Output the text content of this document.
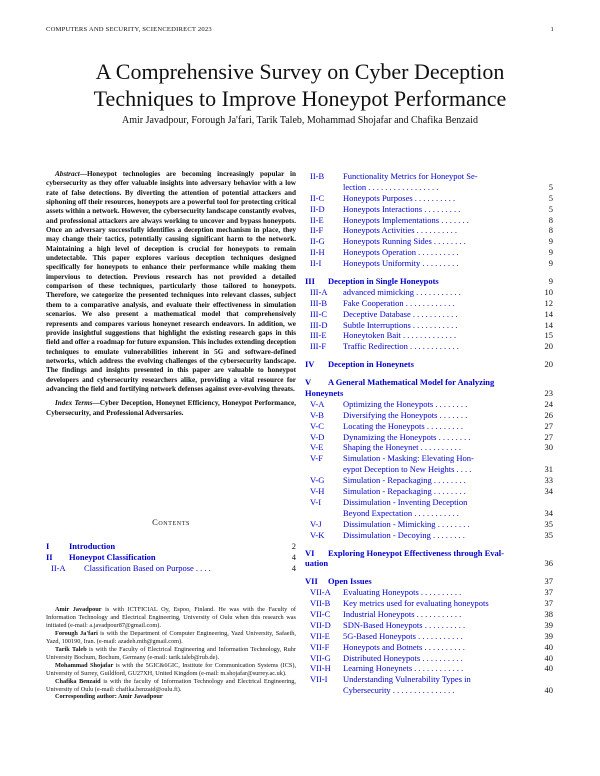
COMPUTERS AND SECURITY, SCIENCEDIRECT 2023	1
A Comprehensive Survey on Cyber Deception
Techniques to Improve Honeypot Performance
Amir Javadpour, Forough Ja'fari, Tarik Taleb, Mohammad Shojafar and Chafika Benzaid

Abstract—Honeypot technologies are becoming increasingly popular in cybersecurity as they offer valuable insights into adversary behavior with a low rate of false detections. By diverting the attention of potential attackers and siphoning off their resources, honeypots are a powerful tool for protecting critical assets within a network. However, the cybersecurity landscape constantly evolves, and professional attackers are always working to uncover and bypass honeypots. Once an adversary successfully identifies a deception mechanism in place, they may change their tactics, potentially causing significant harm to the network. Maintaining a high level of deception is crucial for honeypots to remain undetectable. This paper explores various deception techniques designed specifically for honeypots to enhance their performance while making them impervious to detection. Previous research has not provided a detailed comparison of these techniques, particularly those tailored to honeypots. Therefore, we categorize the presented techniques into relevant classes, subject them to a comparative analysis, and evaluate their effectiveness in simulation scenarios. We also present a mathematical model that comprehensively represents and compares various honeynet research endeavors. In addition, we provide insightful suggestions that highlight the existing research gaps in this field and offer a roadmap for future expansion. This includes extending deception techniques to emulate vulnerabilities inherent in 5G and software-defined networks, which address the evolving challenges of the cybersecurity landscape. The findings and insights presented in this paper are valuable to honeypot developers and cybersecurity researchers alike, providing a vital resource for advancing the field and fortifying network defenses against ever-evolving threats.

Index Terms—Cyber Deception, Honeynet Efficiency, Honeypot Performance, Cybersecurity, and Professional Adversaries.

Contents
I Introduction	2
II Honeypot Classification	4
II-A Classification Based on Purpose . . . .	4

Amir Javadpour is with ICTFICIAL Oy, Espoo, Finland. He was with the Faculty of Information Technology and Electrical Engineering, University of Oulu when this research was initiated (e-mail: a.javadpour87@gmail.com).

Forough Ja'fari is with the Department of Computer Engineering, Yazd University, Safaeih, Yazd, 100190, Iran. (e-mail: azadeh.mth@gmail.com).

Tarik Taleb is with the Faculty of Electrical Engineering and Information Technology, Ruhr University Bochum, Bochum, Germany (e-mail: tarik.taleb@rub.de).

Mohammad Shojafar is with the 5GIC&6GIC, Institute for Communication Systems (ICS), University of Surrey, Guildford, GU27XH, United Kingdom (e-mail: m.shojafar@surrey.ac.uk).

Chafika Benzaid is with the faculty of Information Technology and Electrical Engineering, University of Oulu (e-mail: chafika.benzaid@oulu.fi).

Corresponding author: Amir Javadpour

II-B Functionality Metrics for Honeypot Se-
lection . . . . . . . . . . . . . . . . .	5
II-C Honeypots Purposes . . . . . . . . . .	5
II-D Honeypots Interactions . . . . . . . . .	5
II-E Honeypots Implementations . . . . . . .	8
II-F Honeypots Activities . . . . . . . . . .	8
II-G Honeypots Running Sides . . . . . . . .	9
II-H Honeypots Operation . . . . . . . . . .	9
II-I	Honeypots Uniformity . . . . . . . . .	9
III Deception in Single Honeypots	9
III-A advanced mimicking . . . . . . . . . . .	10
III-B Fake Cooperation . . . . . . . . . . . .	12
III-C Deceptive Database . . . . . . . . . . .	14
III-D Subtle Interruptions . . . . . . . . . . .	14
III-E Honeytoken Bait . . . . . . . . . . . . .	15
III-F Traffic Redirection . . . . . . . . . . . .	20
IV Deception in Honeynets	20
V A General Mathematical Model for Analyzing
Honeynets	23
V-A Optimizing the Honeypots . . . . . . . .	24
V-B Diversifying the Honeypots . . . . . . .	26
V-C Locating the Honeypots . . . . . . . . .	27
V-D Dynamizing the Honeypots . . . . . . . .	27
V-E Shaping the Honeynet . . . . . . . . . .	30
V-F Simulation - Masking: Elevating Hon-
eypot Deception to New Heights . . . .	31
V-G Simulation - Repackaging . . . . . . . .	33
V-H Simulation - Repackaging . . . . . . . .	34
V-I	Dissimulation - Inventing Deception
Beyond Expectation . . . . . . . . . . .	34
V-J	Dissimulation - Mimicking . . . . . . . .	35
V-K Dissimulation - Decoying . . . . . . . .	35
VI Exploring Honeypot Effectiveness through Eval-
uation	36
VII Open Issues	37
VII-A Evaluating Honeypots . . . . . . . . . .	37
VII-B Key metrics used for evaluating honeypots	37
VII-C Industrial Honeypots . . . . . . . . . . .	38
VII-D SDN-Based Honeypots . . . . . . . . . .	39
VII-E 5G-Based Honeypots . . . . . . . . . . .	39
VII-F Honeypots and Botnets . . . . . . . . . .	40
VII-G Distributed Honeypots . . . . . . . . . .	40
VII-H Learning Honeynets . . . . . . . . . . . .	40
VII-I Understanding Vulnerability Types in
Cybersecurity . . . . . . . . . . . . . . .	40
